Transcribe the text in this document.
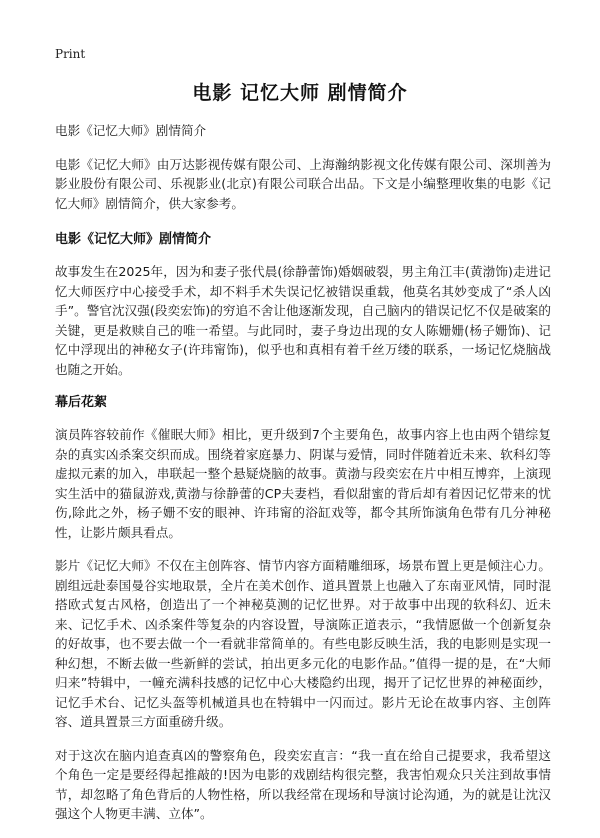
Print
电影 记忆大师 剧情简介

电影《记忆大师》剧情简介

电影《记忆大师》由万达影视传媒有限公司、上海瀚纳影视文化传媒有限公司、深圳善为影业股份有限公司、乐视影业(北京)有限公司联合出品。下文是小编整理收集的电影《记忆大师》剧情简介，供大家参考。

电影《记忆大师》剧情简介

故事发生在2025年，因为和妻子张代晨(徐静蕾饰)婚姻破裂，男主角江丰(黄渤饰)走进记忆大师医疗中心接受手术，却不料手术失误记忆被错误重载，他莫名其妙变成了“杀人凶手”。警官沈汉强(段奕宏饰)的穷追不舍让他逐渐发现，自己脑内的错误记忆不仅是破案的关键，更是救赎自己的唯一希望。与此同时，妻子身边出现的女人陈姗姗(杨子姗饰)、记忆中浮现出的神秘女子(许玮甯饰)，似乎也和真相有着千丝万缕的联系，一场记忆烧脑战也随之开始。

幕后花絮

演员阵容较前作《催眠大师》相比，更升级到7个主要角色，故事内容上也由两个错综复杂的真实凶杀案交织而成。围绕着家庭暴力、阴谋与爱情，同时伴随着近未来、软科幻等虚拟元素的加入，串联起一整个悬疑烧脑的故事。黄渤与段奕宏在片中相互博弈，上演现实生活中的猫鼠游戏,黄渤与徐静蕾的CP夫妻档，看似甜蜜的背后却有着因记忆带来的忧伤,除此之外，杨子姗不安的眼神、许玮甯的浴缸戏等，都令其所饰演角色带有几分神秘性，让影片颇具看点。

影片《记忆大师》不仅在主创阵容、情节内容方面精雕细琢，场景布置上更是倾注心力。剧组远赴泰国曼谷实地取景，全片在美术创作、道具置景上也融入了东南亚风情，同时混搭欧式复古风格，创造出了一个神秘莫测的记忆世界。对于故事中出现的软科幻、近未来、记忆手术、凶杀案件等复杂的内容设置，导演陈正道表示，“我情愿做一个创新复杂的好故事，也不要去做一个一看就非常简单的。有些电影反映生活，我的电影则是实现一种幻想，不断去做一些新鲜的尝试，拍出更多元化的电影作品。”值得一提的是，在“大师归来”特辑中，一幢充满科技感的记忆中心大楼隐约出现，揭开了记忆世界的神秘面纱，记忆手术台、记忆头盔等机械道具也在特辑中一闪而过。影片无论在故事内容、主创阵容、道具置景三方面重磅升级。

对于这次在脑内追查真凶的警察角色，段奕宏直言：“我一直在给自己提要求，我希望这个角色一定是要经得起推敲的!因为电影的戏剧结构很完整，我害怕观众只关注到故事情节，却忽略了角色背后的人物性格，所以我经常在现场和导演讨论沟通，为的就是让沈汉强这个人物更丰满、立体”。
